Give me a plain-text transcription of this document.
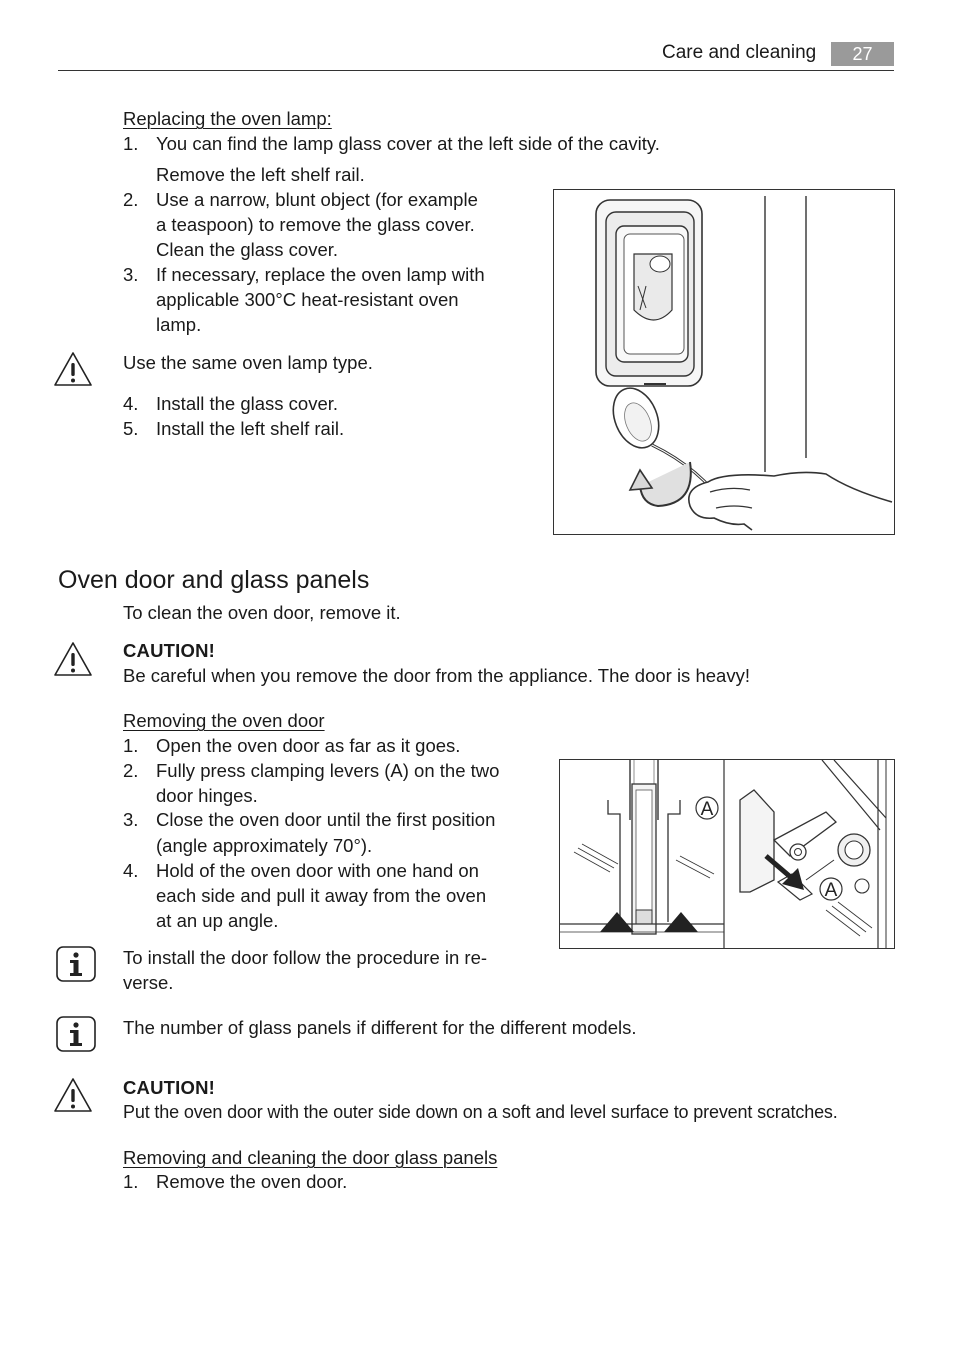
Care and cleaning	27
Replacing the oven lamp:
1. You can find the lamp glass cover at the left side of the cavity.
Remove the left shelf rail.
2. Use a narrow, blunt object (for example
a teaspoon) to remove the glass cover.
Clean the glass cover.
3. If necessary, replace the oven lamp with
applicable 300°C heat-resistant oven
lamp.
Use the same oven lamp type.
4. Install the glass cover.
5. Install the left shelf rail.
Oven door and glass panels
To clean the oven door, remove it.
CAUTION!
Be careful when you remove the door from the appliance. The door is heavy!
Removing the oven door
1. Open the oven door as far as it goes.
2. Fully press clamping levers (A) on the two
door hinges.
3. Close the oven door until the first position
(angle approximately 70°).
4. Hold of the oven door with one hand on
each side and pull it away from the oven
at an up angle.
A
A
To install the door follow the procedure in re-
verse.
The number of glass panels if different for the different models.
CAUTION!
Put the oven door with the outer side down on a soft and level surface to prevent scratches.
Removing and cleaning the door glass panels
1. Remove the oven door.
